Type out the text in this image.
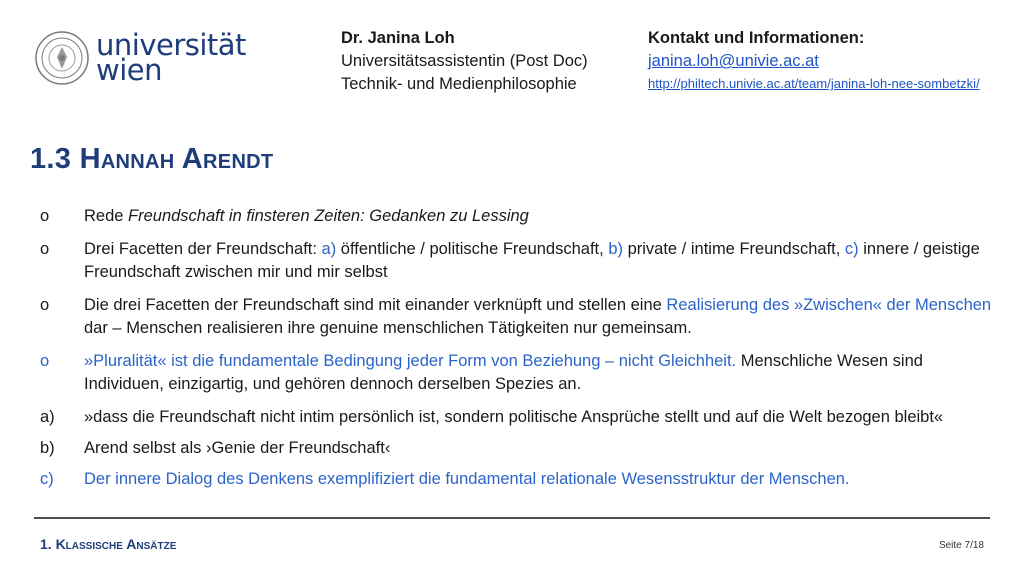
universität
wien
Dr. Janina Loh
Universitätsassistentin (Post Doc)
Technik- und Medienphilosophie
Kontakt und Informationen:
janina.loh@univie.ac.at
http://philtech.univie.ac.at/team/janina-loh-nee-sombetzki/
1.3 Hannah Arendt
o	Rede Freundschaft in finsteren Zeiten: Gedanken zu Lessing
o	Drei Facetten der Freundschaft: a) öffentliche / politische Freundschaft, b) private / intime Freundschaft, c) innere / geistige Freundschaft zwischen mir und mir selbst
o	Die drei Facetten der Freundschaft sind mit einander verknüpft und stellen eine Realisierung des »Zwischen« der Menschen dar – Menschen realisieren ihre genuine menschlichen Tätigkeiten nur gemeinsam.
o	»Pluralität« ist die fundamentale Bedingung jeder Form von Beziehung – nicht Gleichheit. Menschliche Wesen sind Individuen, einzigartig, und gehören dennoch derselben Spezies an.
a)	»dass die Freundschaft nicht intim persönlich ist, sondern politische Ansprüche stellt und auf die Welt bezogen bleibt«
b)	Arend selbst als ›Genie der Freundschaft‹
c)	Der innere Dialog des Denkens exemplifiziert die fundamental relationale Wesensstruktur der Menschen.
1. Klassische Ansätze	Seite 7/18
